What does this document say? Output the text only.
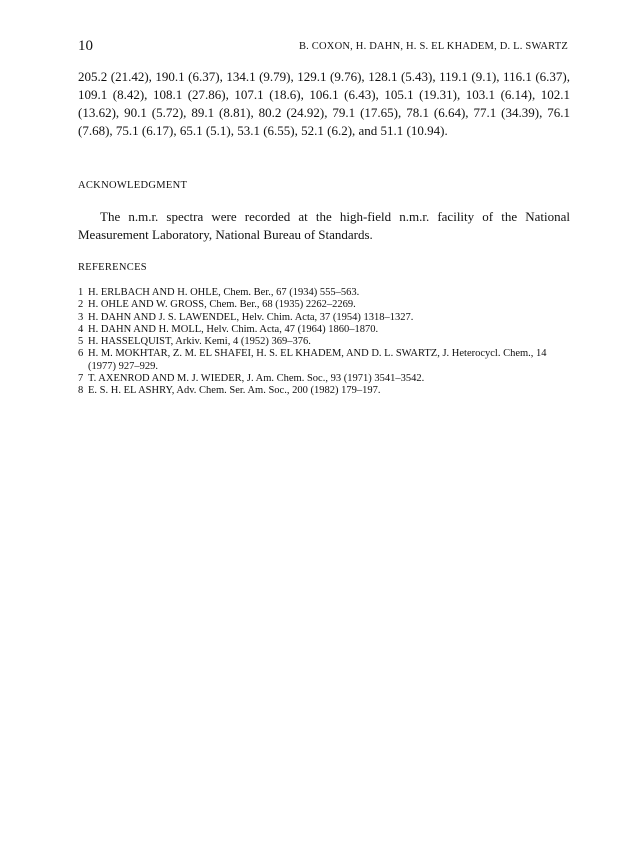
10	B. COXON, H. DAHN, H. S. EL KHADEM, D. L. SWARTZ

205.2 (21.42), 190.1 (6.37), 134.1 (9.79), 129.1 (9.76), 128.1 (5.43), 119.1 (9.1), 116.1 (6.37), 109.1 (8.42), 108.1 (27.86), 107.1 (18.6), 106.1 (6.43), 105.1 (19.31), 103.1 (6.14), 102.1 (13.62), 90.1 (5.72), 89.1 (8.81), 80.2 (24.92), 79.1 (17.65), 78.1 (6.64), 77.1 (34.39), 76.1 (7.68), 75.1 (6.17), 65.1 (5.1), 53.1 (6.55), 52.1 (6.2), and 51.1 (10.94).

ACKNOWLEDGMENT

The n.m.r. spectra were recorded at the high-field n.m.r. facility of the National Measurement Laboratory, National Bureau of Standards.

REFERENCES
1 H. ERLBACH AND H. OHLE, Chem. Ber., 67 (1934) 555–563.
2 H. OHLE AND W. GROSS, Chem. Ber., 68 (1935) 2262–2269.
3 H. DAHN AND J. S. LAWENDEL, Helv. Chim. Acta, 37 (1954) 1318–1327.
4 H. DAHN AND H. MOLL, Helv. Chim. Acta, 47 (1964) 1860–1870.
5 H. HASSELQUIST, Arkiv. Kemi, 4 (1952) 369–376.
6 H. M. MOKHTAR, Z. M. EL SHAFEI, H. S. EL KHADEM, AND D. L. SWARTZ, J. Heterocycl. Chem., 14 (1977) 927–929.
7 T. AXENROD AND M. J. WIEDER, J. Am. Chem. Soc., 93 (1971) 3541–3542.
8 E. S. H. EL ASHRY, Adv. Chem. Ser. Am. Soc., 200 (1982) 179–197.
